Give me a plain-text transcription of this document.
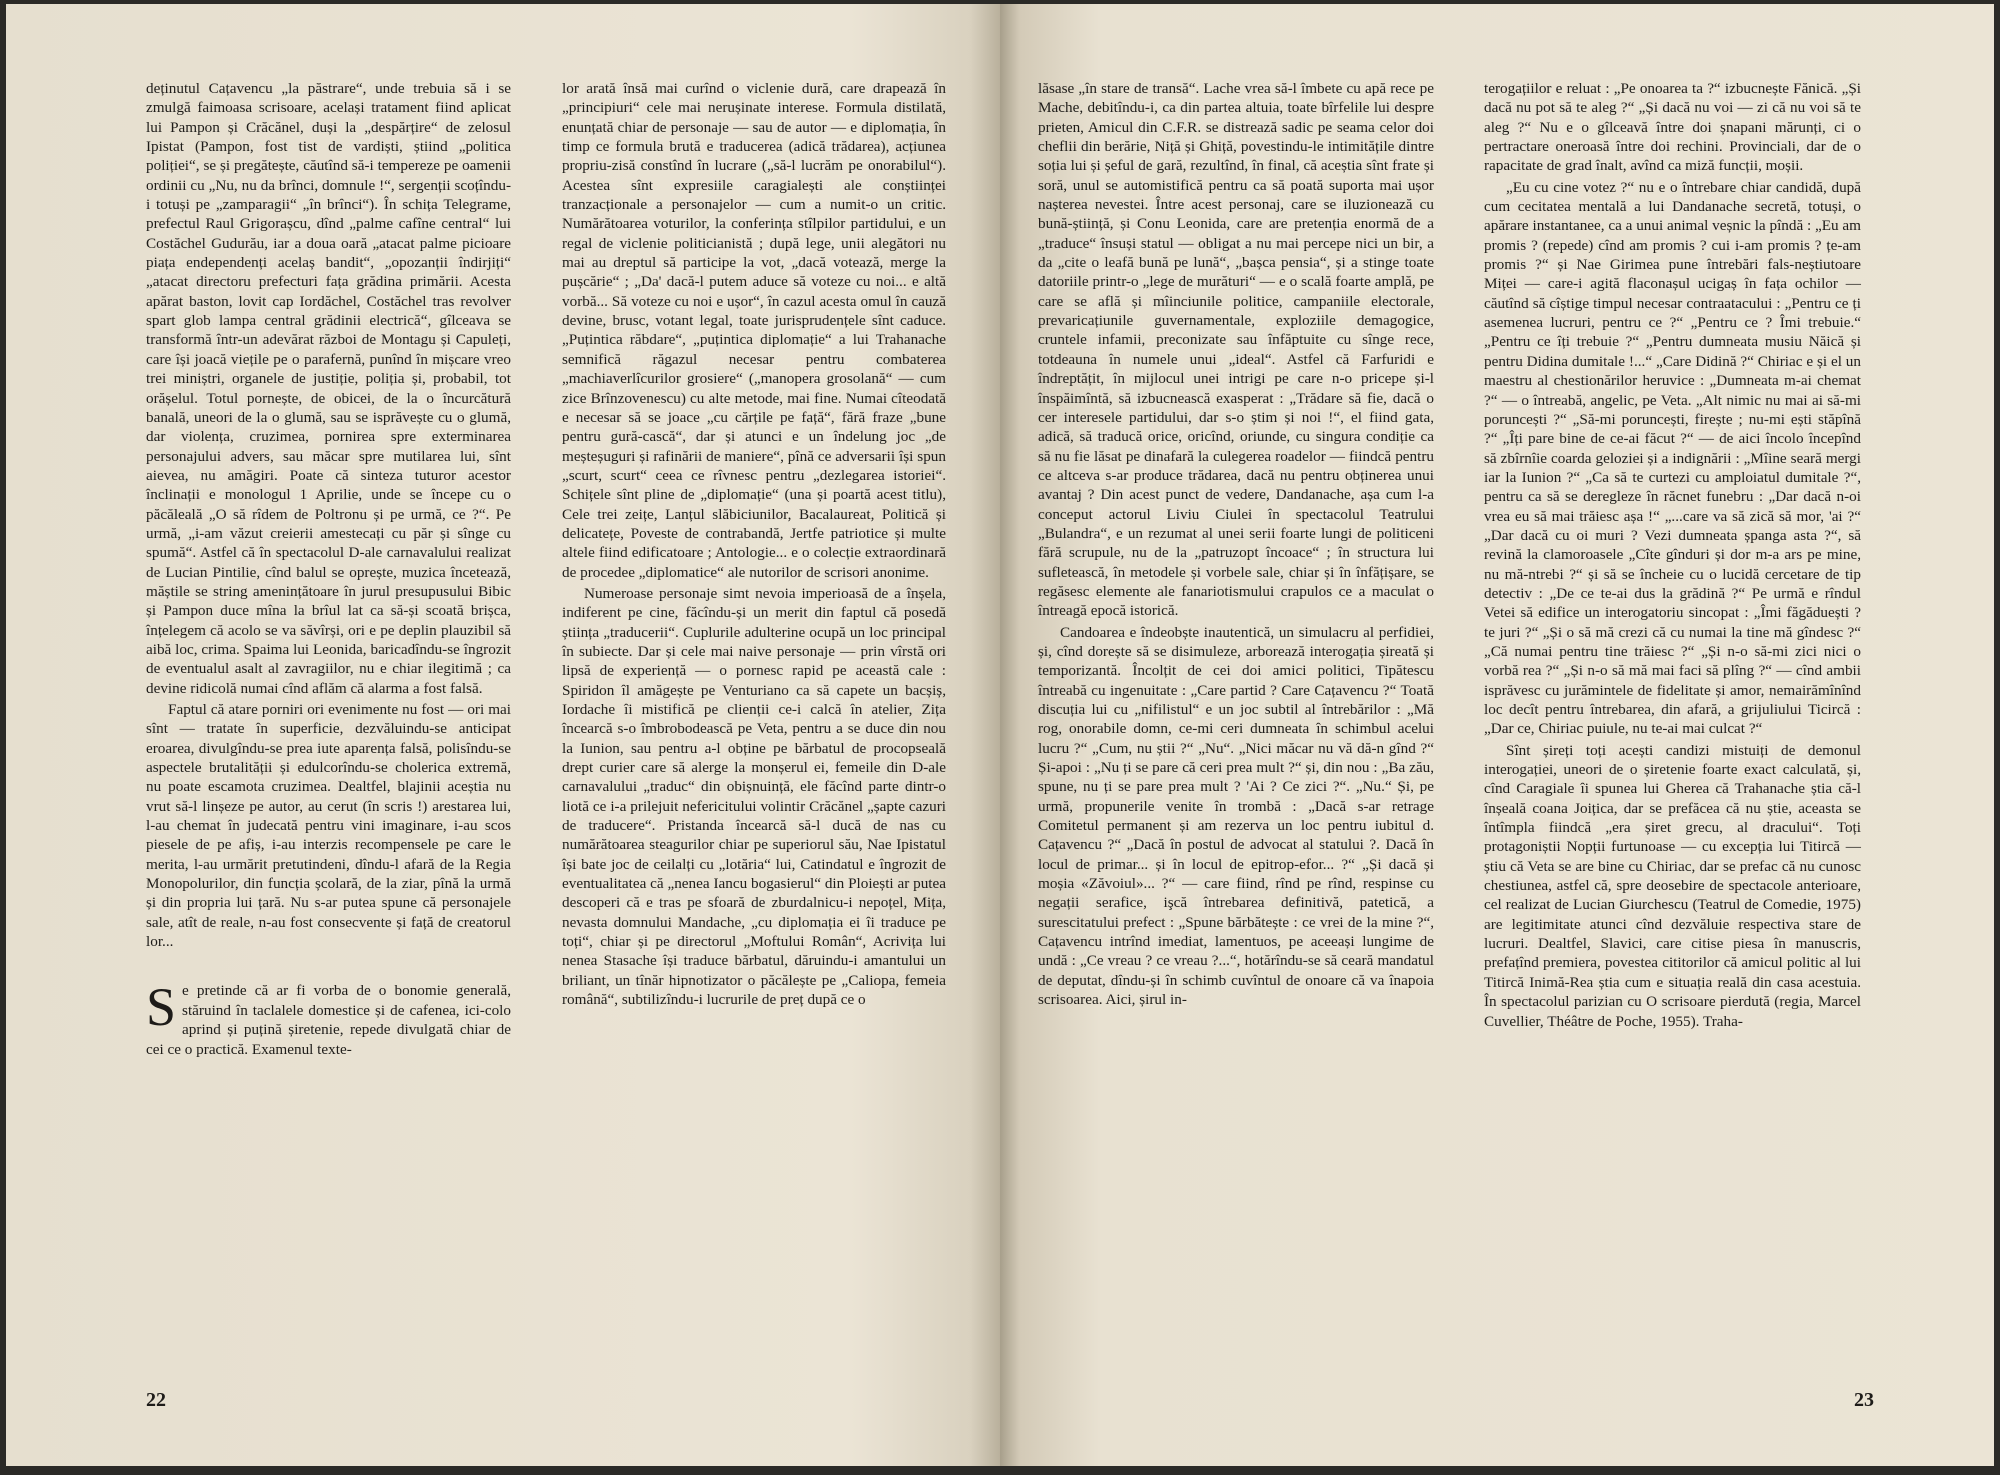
deținutul Cațavencu „la păstrare“, unde trebuia să i se zmulgă faimoasa scrisoare, același tratament fiind aplicat lui Pampon și Crăcănel, duși la „despărțire“ de zelosul Ipistat (Pampon, fost tist de vardiști, știind „politica poliției“, se și pregătește, căutînd să-i tempereze pe oamenii ordinii cu „Nu, nu da brînci, domnule !“, sergenții scoțîndu-i totuși pe „zamparagii“ „în brînci“). În schița Telegrame, prefectul Raul Grigorașcu, dînd „palme cafîne central“ lui Costăchel Gudurău, iar a doua oară „atacat palme picioare piața endependenți acelaș bandit“, „opozanții îndirjiți“ „atacat directoru prefecturi fața grădina primării. Acesta apărat baston, lovit cap Iordăchel, Costăchel tras revolver spart glob lampa central grădinii electrică“, gîlceava se transformă într-un adevărat război de Montagu și Capuleți, care își joacă viețile pe o parafernă, punînd în mișcare vreo trei miniștri, organele de justiție, poliția și, probabil, tot orășelul. Totul pornește, de obicei, de la o încurcătură banală, uneori de la o glumă, sau se isprăvește cu o glumă, dar violența, cruzimea, pornirea spre exterminarea personajului advers, sau măcar spre mutilarea lui, sînt aievea, nu amăgiri. Poate că sinteza tuturor acestor înclinații e monologul 1 Aprilie, unde se începe cu o păcăleală „O să rîdem de Poltronu și pe urmă, ce ?“. Pe urmă, „i-am văzut creierii amestecați cu păr și sînge cu spumă“. Astfel că în spectacolul D-ale carnavalului realizat de Lucian Pintilie, cînd balul se oprește, muzica încetează, măștile se string amenințătoare în jurul presupusului Bibic și Pampon duce mîna la brîul lat ca să-și scoată brișca, înțelegem că acolo se va săvîrși, ori e pe deplin plauzibil să aibă loc, crima. Spaima lui Leonida, baricadîndu-se îngrozit de eventualul asalt al zavragiilor, nu e chiar ilegitimă ; ca devine ridicolă numai cînd aflăm că alarma a fost falsă.

Faptul că atare porniri ori evenimente nu fost — ori mai sînt — tratate în superficie, dezvăluindu-se anticipat eroarea, divulgîndu-se prea iute aparența falsă, polisîndu-se aspectele brutalității și edulcorîndu-se cholerica extremă, nu poate escamota cruzimea. Dealtfel, blajinii aceștia nu vrut să-l linșeze pe autor, au cerut (în scris !) arestarea lui, l-au chemat în judecată pentru vini imaginare, i-au scos piesele de pe afiș, i-au interzis recompensele pe care le merita, l-au urmărit pretutindeni, dîndu-l afară de la Regia Monopolurilor, din funcția școlară, de la ziar, pînă la urmă și din propria lui țară. Nu s-ar putea spune că personajele sale, atît de reale, n-au fost consecvente și față de creatorul lor...

Se pretinde că ar fi vorba de o bonomie generală, stăruind în taclalele domestice și de cafenea, ici-colo aprind și puțină șiretenie, repede divulgată chiar de cei ce o practică. Examenul texte-

lor arată însă mai curînd o viclenie dură, care drapează în „principiuri“ cele mai nerușinate interese. Formula distilată, enunțată chiar de personaje — sau de autor — e diplomația, în timp ce formula brută e traducerea (adică trădarea), acțiunea propriu-zisă constînd în lucrare („să-l lucrăm pe onorabilul“). Acestea sînt expresiile caragialești ale conștiinței tranzacționale a personajelor — cum a numit-o un critic. Numărătoarea voturilor, la conferința stîlpilor partidului, e un regal de viclenie politicianistă ; după lege, unii alegători nu mai au dreptul să participe la vot, „dacă votează, merge la pușcărie“ ; „Da' dacă-l putem aduce să voteze cu noi... e altă vorbă... Să voteze cu noi e ușor“, în cazul acesta omul în cauză devine, brusc, votant legal, toate jurisprudențele sînt caduce. „Puțintica răbdare“, „puțintica diplomație“ a lui Trahanache semnifică răgazul necesar pentru combaterea „machiaverlîcurilor grosiere“ („manopera grosolană“ — cum zice Brînzovenescu) cu alte metode, mai fine. Numai cîteodată e necesar să se joace „cu cărțile pe față“, fără fraze „bune pentru gură-cască“, dar și atunci e un îndelung joc „de meșteșuguri și rafinării de maniere“, pînă ce adversarii își spun „scurt, scurt“ ceea ce rîvnesc pentru „dezlegarea istoriei“. Schițele sînt pline de „diplomație“ (una și poartă acest titlu), Cele trei zeițe, Lanțul slăbiciunilor, Bacalaureat, Politică și delicatețe, Poveste de contrabandă, Jertfe patriotice și multe altele fiind edificatoare ; Antologie... e o colecție extraordinară de procedee „diplomatice“ ale nutorilor de scrisori anonime.

Numeroase personaje simt nevoia imperioasă de a înșela, indiferent pe cine, făcîndu-și un merit din faptul că posedă știința „traducerii“. Cuplurile adulterine ocupă un loc principal în subiecte. Dar și cele mai naive personaje — prin vîrstă ori lipsă de experiență — o pornesc rapid pe această cale : Spiridon îl amăgește pe Venturiano ca să capete un bacșiș, Iordache îi mistifică pe clienții ce-i calcă în atelier, Zița încearcă s-o îmbrobodească pe Veta, pentru a se duce din nou la Iunion, sau pentru a-l obține pe bărbatul de procopseală drept curier care să alerge la monșerul ei, femeile din D-ale carnavalului „traduc“ din obișnuință, ele făcînd parte dintr-o liotă ce i-a prilejuit nefericitului volintir Crăcănel „șapte cazuri de traducere“. Pristanda încearcă să-l ducă de nas cu numărătoarea steagurilor chiar pe superiorul său, Nae Ipistatul își bate joc de ceilalți cu „lotăria“ lui, Catindatul e îngrozit de eventualitatea că „nenea Iancu bogasierul“ din Ploiești ar putea descoperi că e tras pe sfoară de zburdalnicu-i nepoțel, Mița, nevasta domnului Mandache, „cu diplomația ei îi traduce pe toți“, chiar și pe directorul „Moftului Român“, Acrivița lui nenea Stasache își traduce bărbatul, dăruindu-i amantului un briliant, un tînăr hipnotizator o păcălește pe „Caliopa, femeia română“, subtilizîndu-i lucrurile de preț după ce o

22

lăsase „în stare de transă“. Lache vrea să-l îmbete cu apă rece pe Mache, debitîndu-i, ca din partea altuia, toate bîrfelile lui despre prieten, Amicul din C.F.R. se distrează sadic pe seama celor doi cheflii din berărie, Niță și Ghiță, povestindu-le intimitățile dintre soția lui și șeful de gară, rezultînd, în final, că aceștia sînt frate și soră, unul se automistifică pentru ca să poată suporta mai ușor nașterea nevestei. Între acest personaj, care se iluzionează cu bună-știință, și Conu Leonida, care are pretenția enormă de a „traduce“ însuși statul — obligat a nu mai percepe nici un bir, a da „cite o leafă bună pe lună“, „bașca pensia“, și a stinge toate datoriile printr-o „lege de murături“ — e o scală foarte amplă, pe care se află și mîinciunile politice, campaniile electorale, prevaricațiunile guvernamentale, exploziile demagogice, cruntele infamii, preconizate sau înfăptuite cu sînge rece, totdeauna în numele unui „ideal“. Astfel că Farfuridi e îndreptățit, în mijlocul unei intrigi pe care n-o pricepe și-l înspăimîntă, să izbucnească exasperat : „Trădare să fie, dacă o cer interesele partidului, dar s-o știm și noi !“, el fiind gata, adică, să traducă orice, oricînd, oriunde, cu singura condiție ca să nu fie lăsat pe dinafară la culegerea roadelor — fiindcă pentru ce altceva s-ar produce trădarea, dacă nu pentru obținerea unui avantaj ? Din acest punct de vedere, Dandanache, așa cum l-a conceput actorul Liviu Ciulei în spectacolul Teatrului „Bulandra“, e un rezumat al unei serii foarte lungi de politiceni fără scrupule, nu de la „patruzopt încoace“ ; în structura lui sufletească, în metodele și vorbele sale, chiar și în înfățișare, se regăsesc elemente ale fanariotismului crapulos ce a maculat o întreagă epocă istorică.

Candoarea e îndeobște inautentică, un simulacru al perfidiei, și, cînd dorește să se disimuleze, arborează interogația șireată și temporizantă. Încolțit de cei doi amici politici, Tipătescu întreabă cu ingenuitate : „Care partid ? Care Cațavencu ?“ Toată discuția lui cu „nifilistul“ e un joc subtil al întrebărilor : „Mă rog, onorabile domn, ce-mi ceri dumneata în schimbul acelui lucru ?“ „Cum, nu știi ?“ „Nu“. „Nici măcar nu vă dă-n gînd ?“ Și-apoi : „Nu ți se pare că ceri prea mult ?“ și, din nou : „Ba zău, spune, nu ți se pare prea mult ? 'Ai ? Ce zici ?“. „Nu.“ Și, pe urmă, propunerile venite în trombă : „Dacă s-ar retrage Comitetul permanent și am rezerva un loc pentru iubitul d. Cațavencu ?“ „Dacă în postul de advocat al statului ?. Dacă în locul de primar... și în locul de epitrop-efor... ?“ „Și dacă și moșia «Zăvoiul»... ?“ — care fiind, rînd pe rînd, respinse cu negații serafice, işcă întrebarea definitivă, patetică, a surescitatului prefect : „Spune bărbătește : ce vrei de la mine ?“, Cațavencu intrînd imediat, lamentuos, pe aceeași lungime de undă : „Ce vreau ? ce vreau ?...“, hotărîndu-se să ceară mandatul de deputat, dîndu-și în schimb cuvîntul de onoare că va înapoia scrisoarea. Aici, șirul in-

terogațiilor e reluat : „Pe onoarea ta ?“ izbucnește Fănică. „Și dacă nu pot să te aleg ?“ „Și dacă nu voi — zi că nu voi să te aleg ?“ Nu e o gîlceavă între doi șnapani mărunți, ci o pertractare oneroasă între doi rechini. Provinciali, dar de o rapacitate de grad înalt, avînd ca miză funcții, moșii.

„Eu cu cine votez ?“ nu e o întrebare chiar candidă, după cum cecitatea mentală a lui Dandanache secretă, totuși, o apărare instantanee, ca a unui animal veșnic la pîndă : „Eu am promis ? (repede) cînd am promis ? cui i-am promis ? țe-am promis ?“ și Nae Girimea pune întrebări fals-neștiutoare Miței — care-i agită flaconașul ucigaș în fața ochilor — căutînd să cîștige timpul necesar contraatacului : „Pentru ce ți asemenea lucruri, pentru ce ?“ „Pentru ce ? Îmi trebuie.“ „Pentru ce îți trebuie ?“ „Pentru dumneata musiu Năică și pentru Didina dumitale !...“ „Care Didină ?“ Chiriac e și el un maestru al chestionărilor heruvice : „Dumneata m-ai chemat ?“ — o întreabă, angelic, pe Veta. „Alt nimic nu mai ai să-mi poruncești ?“ „Să-mi poruncești, firește ; nu-mi ești stăpînă ?“ „Îți pare bine de ce-ai făcut ?“ — de aici încolo începînd să zbîrnîie coarda geloziei și a indignării : „Mîine seară mergi iar la Iunion ?“ „Ca să te curtezi cu amploiatul dumitale ?“, pentru ca să se deregleze în răcnet funebru : „Dar dacă n-oi vrea eu să mai trăiesc așa !“ „...care va să zică să mor, 'ai ?“ „Dar dacă cu oi muri ? Vezi dumneata șpanga asta ?“, să revină la clamoroasele „Cîte gînduri și dor m-a ars pe mine, nu mă-ntrebi ?“ și să se încheie cu o lucidă cercetare de tip detectiv : „De ce te-ai dus la grădină ?“ Pe urmă e rîndul Vetei să edifice un interogatoriu sincopat : „Îmi făgăduești ? te juri ?“ „Și o să mă crezi că cu numai la tine mă gîndesc ?“ „Că numai pentru tine trăiesc ?“ „Și n-o să-mi zici nici o vorbă rea ?“ „Și n-o să mă mai faci să plîng ?“ — cînd ambii isprăvesc cu jurămintele de fidelitate și amor, nemairămînînd loc decît pentru întrebarea, din afară, a grijuliului Ticircă : „Dar ce, Chiriac puiule, nu te-ai mai culcat ?“

Sînt șireți toți acești candizi mistuiți de demonul interogației, uneori de o șiretenie foarte exact calculată, și, cînd Caragiale îi spunea lui Gherea că Trahanache știa că-l înșeală coana Joițica, dar se prefăcea că nu știe, aceasta se întîmpla fiindcă „era șiret grecu, al dracului“. Toți protagoniștii Nopții furtunoase — cu excepția lui Titircă — știu că Veta se are bine cu Chiriac, dar se prefac că nu cunosc chestiunea, astfel că, spre deosebire de spectacole anterioare, cel realizat de Lucian Giurchescu (Teatrul de Comedie, 1975) are legitimitate atunci cînd dezvăluie respectiva stare de lucruri. Dealtfel, Slavici, care citise piesa în manuscris, prefațînd premiera, povestea cititorilor că amicul politic al lui Titircă Inimă-Rea știa cum e situația reală din casa acestuia. În spectacolul parizian cu O scrisoare pierdută (regia, Marcel Cuvellier, Théâtre de Poche, 1955). Traha-

23
